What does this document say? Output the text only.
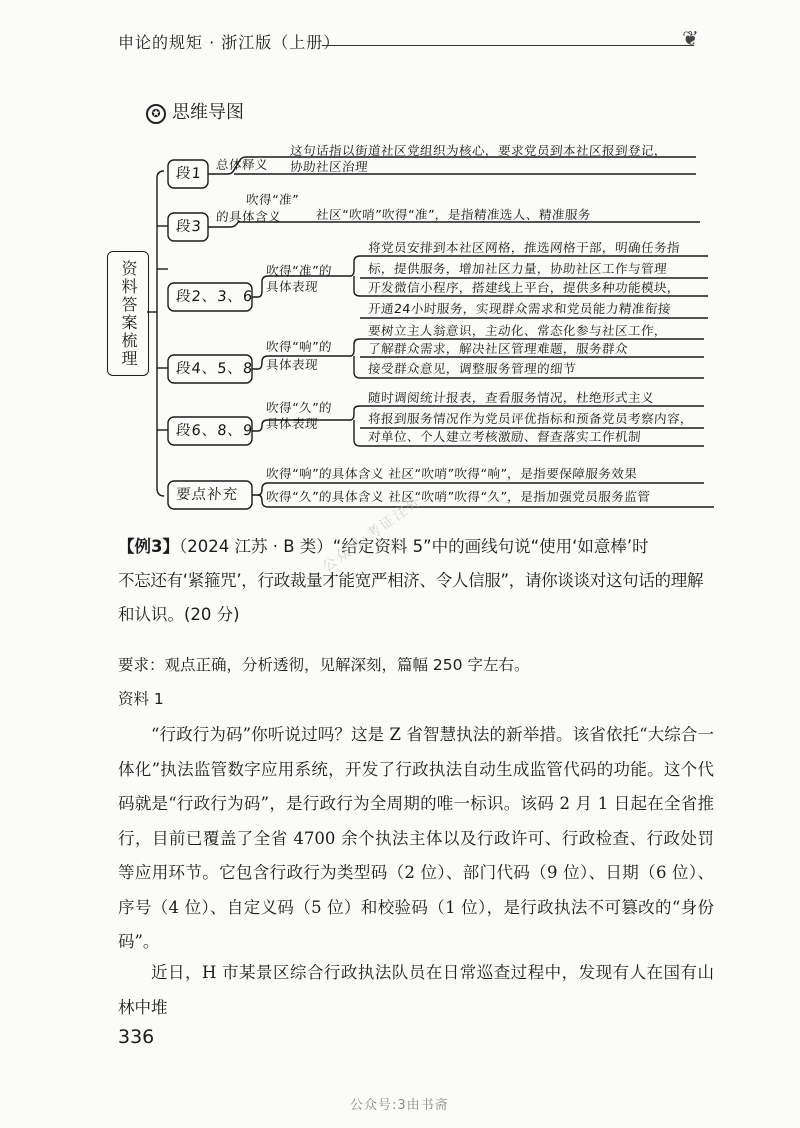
申论的规矩 · 浙江版（上册）	❦
✪ 思维导图
资料答案梳理
段1
段3
段2、3、6
段4、5、8
段6、8、9
要点补充
总体释义
这句话指以街道社区党组织为核心，要求党员到本社区报到登记，
协助社区治理
吹得“准”
的具体含义	社区“吹哨”吹得“准”，是指精准选人、精准服务
吹得“准”的
具体表现
将党员安排到本社区网格，推选网格干部，明确任务指
标，提供服务，增加社区力量，协助社区工作与管理
开发微信小程序，搭建线上平台，提供多种功能模块，
开通24小时服务，实现群众需求和党员能力精准衔接
吹得“响”的
具体表现
要树立主人翁意识，主动化、常态化参与社区工作，
了解群众需求，解决社区管理难题，服务群众
接受群众意见，调整服务管理的细节
吹得“久”的
具体表现
随时调阅统计报表，查看服务情况，杜绝形式主义
将报到服务情况作为党员评优指标和预备党员考察内容，
对单位、个人建立考核激励、督查落实工作机制
吹得“响”的具体含义 社区“吹哨”吹得“响”，是指要保障服务效果
吹得“久”的具体含义 社区“吹哨”吹得“久”，是指加强党员服务监管

【例3】（2024 江苏 · B 类）“给定资料 5”中的画线句说“使用‘如意棒’时

不忘还有‘紧箍咒’，行政裁量才能宽严相济、令人信服”，请你谈谈对这句话的理解

和认识。(20 分)

要求：观点正确，分析透彻，见解深刻，篇幅 250 字左右。
资料 1
“行政行为码”你听说过吗？这是 Z 省智慧执法的新举措。该省依托“大综合一体化”执法监管数字应用系统，开发了行政执法自动生成监管代码的功能。这个代码就是“行政行为码”，是行政行为全周期的唯一标识。该码 2 月 1 日起在全省推行，目前已覆盖了全省 4700 余个执法主体以及行政许可、行政检查、行政处罚等应用环节。它包含行政行为类型码（2 位）、部门代码（9 位）、日期（6 位）、序号（4 位）、自定义码（5 位）和校验码（1 位），是行政执法不可篡改的“身份码”。
近日，H 市某景区综合行政执法队员在日常巡查过程中，发现有人在国有山林中堆
336
公众号:3由书斋
公众号:考证注外
